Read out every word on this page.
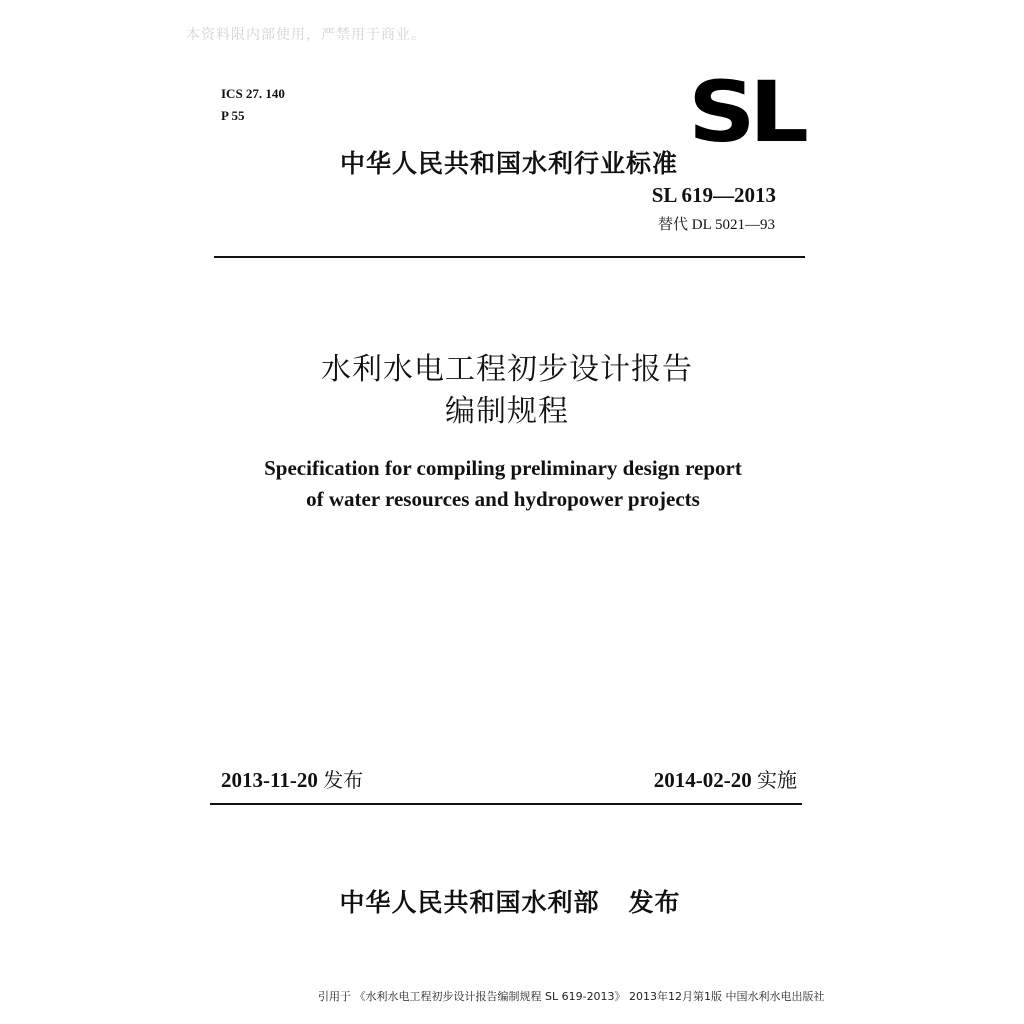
本资料限内部使用，严禁用于商业。
ICS 27. 140
P 55	SL
中华人民共和国水利行业标准
SL 619—2013
替代 DL 5021—93
水利水电工程初步设计报告
编制规程
Specification for compiling preliminary design report
of water resources and hydropower projects
2013-11-20 发布	2014-02-20 实施
中华人民共和国水利部   发布
引用于 《水利水电工程初步设计报告编制规程 SL 619-2013》 2013年12月第1版 中国水利水电出版社
